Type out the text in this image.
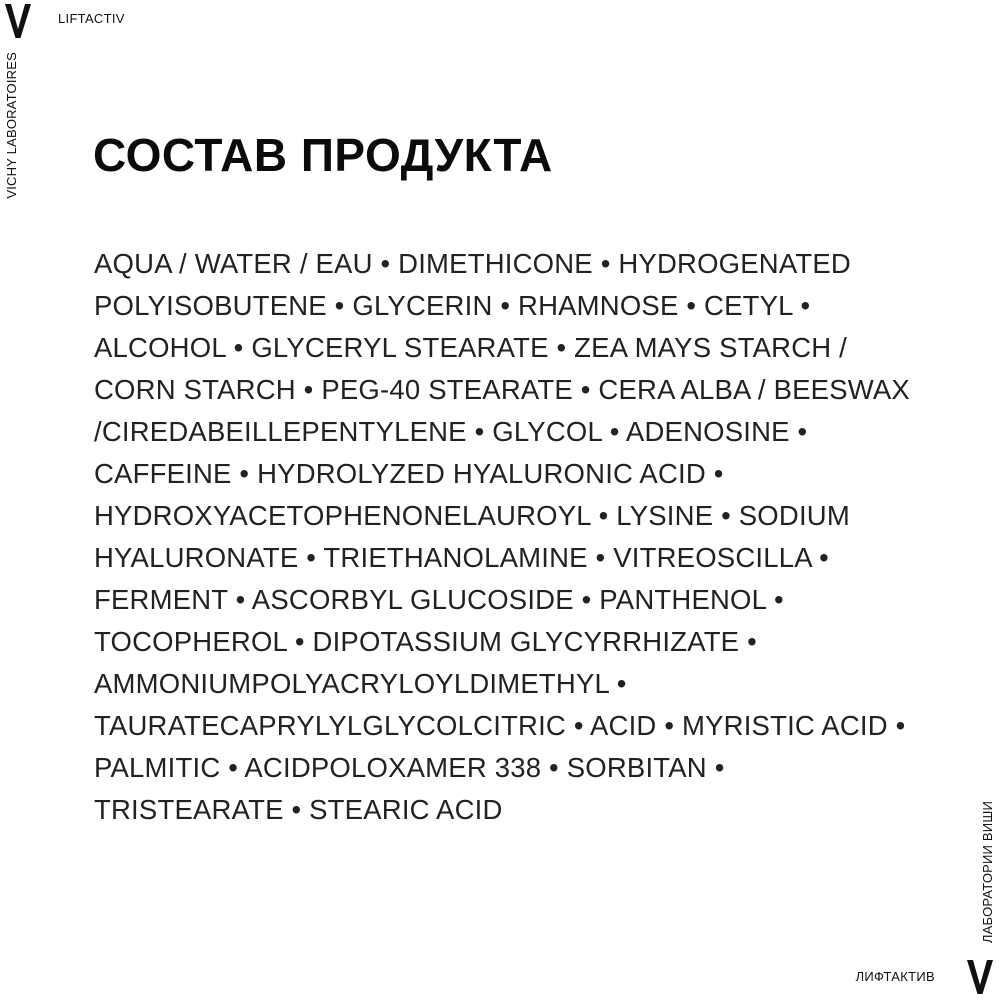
LIFTACTIV
VICHY LABORATOIRES СОСТАВ ПРОДУКТА
AQUA / WATER / EAU • DIMETHICONE • HYDROGENATED
POLYISOBUTENE • GLYCERIN • RHAMNOSE • CETYL •
ALCOHOL • GLYCERYL STEARATE • ZEA MAYS STARCH /
CORN STARCH • PEG-40 STEARATE • CERA ALBA / BEESWAX
/CIREDABEILLEPENTYLENE • GLYCOL • ADENOSINE •
CAFFEINE • HYDROLYZED HYALURONIC ACID •
HYDROXYACETOPHENONELAUROYL • LYSINE • SODIUM
HYALURONATE • TRIETHANOLAMINE • VITREOSCILLA •
FERMENT • ASCORBYL GLUCOSIDE • PANTHENOL •
TOCOPHEROL • DIPOTASSIUM GLYCYRRHIZATE •
AMMONIUMPOLYACRYLOYLDIMETHYL •
TAURATECAPRYLYLGLYCOLCITRIC • ACID • MYRISTIC ACID •
PALMITIC • ACIDPOLOXAMER 338 • SORBITAN •
TRISTEARATE • STEARIC ACID	ЛАБОРАТОРИИ ВИШИ
ЛИФТАКТИВ
